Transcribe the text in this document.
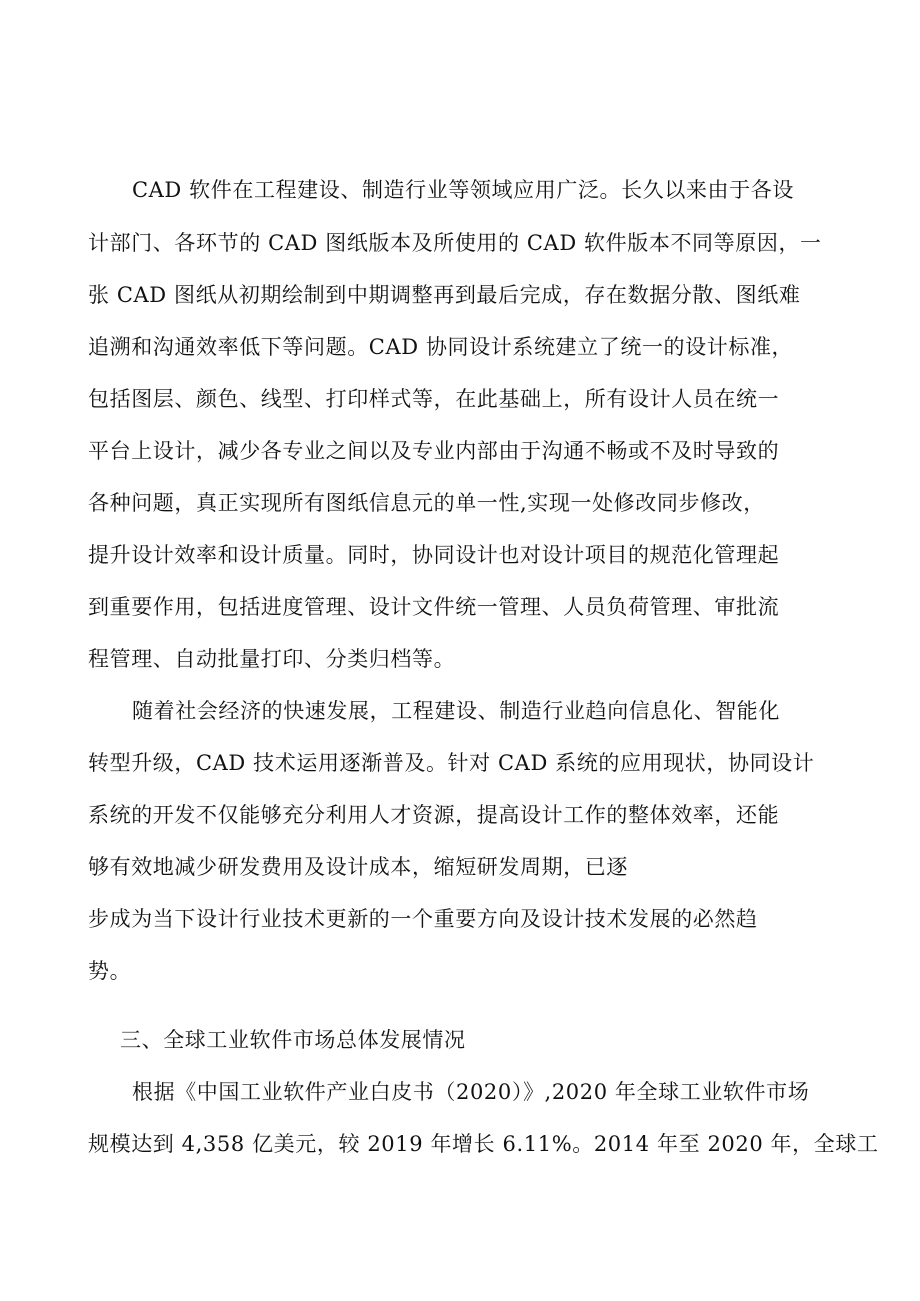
CAD 软件在工程建设、制造行业等领域应用广泛。长久以来由于各设
计部门、各环节的 CAD 图纸版本及所使用的 CAD 软件版本不同等原因，一
张 CAD 图纸从初期绘制到中期调整再到最后完成，存在数据分散、图纸难
追溯和沟通效率低下等问题。CAD 协同设计系统建立了统一的设计标准，
包括图层、颜色、线型、打印样式等，在此基础上，所有设计人员在统一
平台上设计，减少各专业之间以及专业内部由于沟通不畅或不及时导致的
各种问题，真正实现所有图纸信息元的单一性,实现一处修改同步修改，
提升设计效率和设计质量。同时，协同设计也对设计项目的规范化管理起
到重要作用，包括进度管理、设计文件统一管理、人员负荷管理、审批流
程管理、自动批量打印、分类归档等。
随着社会经济的快速发展，工程建设、制造行业趋向信息化、智能化
转型升级，CAD 技术运用逐渐普及。针对 CAD 系统的应用现状，协同设计
系统的开发不仅能够充分利用人才资源，提高设计工作的整体效率，还能
够有效地减少研发费用及设计成本，缩短研发周期，已逐
步成为当下设计行业技术更新的一个重要方向及设计技术发展的必然趋
势。
三、全球工业软件市场总体发展情况
根据《中国工业软件产业白皮书（2020）》,2020 年全球工业软件市场
规模达到 4,358 亿美元，较 2019 年增长 6.11%。2014 年至 2020 年，全球工
